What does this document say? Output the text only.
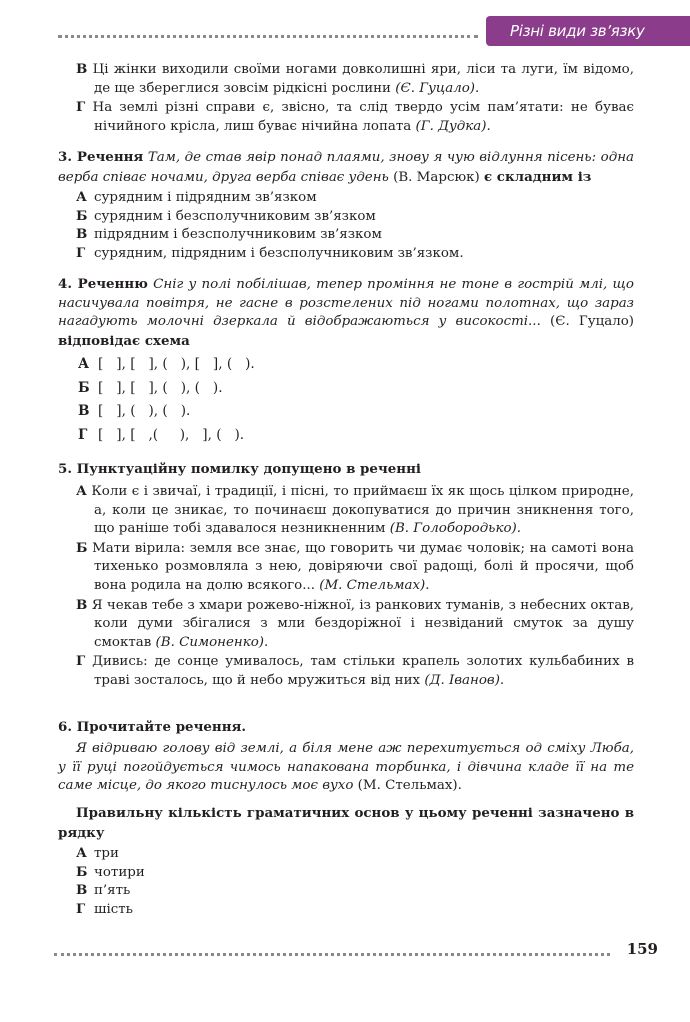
Різні види зв’язку

В Ці жінки виходили своїми ногами довколишні яри, ліси та луги, їм відомо, де ще збереглися зовсім рідкісні рослини (Є. Гуцало).

Г На землі різні справи є, звісно, та слід твердо усім пам’ятати: не буває нічийного крісла, лиш буває нічийна лопата (Г. Дудка).

3. Речення Там, де став явір понад плаями, знову я чую відлуння пісень: одна верба співає ночами, друга верба співає удень (В. Марсюк) є складним із
А сурядним і підрядним зв’язком
Б сурядним і безсполучниковим зв’язком
В підрядним і безсполучниковим зв’язком
Г сурядним, підрядним і безсполучниковим зв’язком.
4. Реченню Сніг у полі побілішав, тепер проміння не тоне в гострій млі, що насичувала повітря, не гасне в розстелених під ногами полотнах, що зараз нагадують молочні дзеркала й відображаються у високості... (Є. Гуцало) відповідає схема
А [   ], [   ], (   ), [   ], (   ).
Б [   ], [   ], (   ), (   ).
В [   ], (   ), (   ).
Г [   ], [   ,(     ),   ], (   ).
5. Пунктуаційну помилку допущено в реченні

А Коли є і звичаї, і традиції, і пісні, то приймаєш їх як щось цілком природне, а, коли це зникає, то починаєш докопуватися до причин зникнення того, що раніше тобі здавалося незникненним (В. Голобородько).

Б Мати вірила: земля все знає, що говорить чи думає чоловік; на самоті вона тихенько розмовляла з нею, довіряючи свої радощі, болі й просячи, щоб вона родила на долю всякого... (М. Стельмах).

В Я чекав тебе з хмари рожево-ніжної, із ранкових туманів, з небесних октав, коли думи збігалися з мли бездоріжної і незвіданий смуток за душу смоктав (В. Симоненко).

Г Дивись: де сонце умивалось, там стільки крапель золотих кульбабиних в траві зосталось, що й небо мружиться від них (Д. Іванов).

6. Прочитайте речення.
Я відриваю голову від землі, а біля мене аж перехитується од сміху Люба, у її руці погойдується чимось напакована торбинка, і дівчина кладе її на те саме місце, до якого тиснулось моє вухо (М. Стельмах).
Правильну кількість граматичних основ у цьому реченні зазначено в рядку
А три
Б чотири
В п’ять
Г шість
159
